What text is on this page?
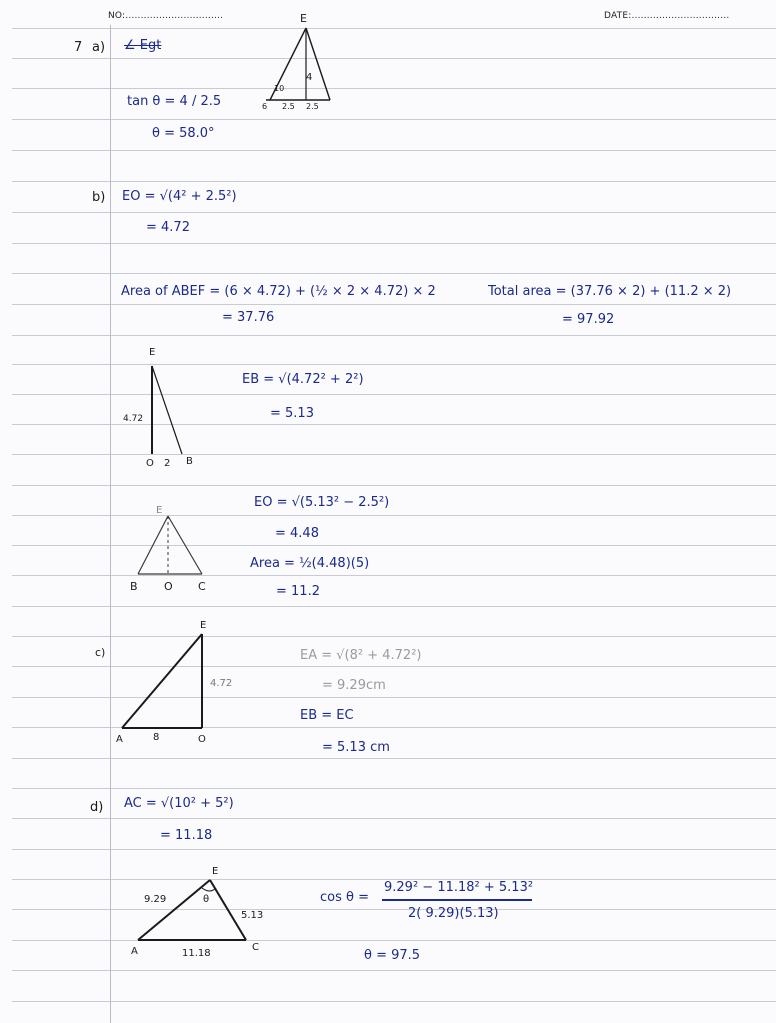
NO:................................	DATE:................................
7 a) ∠ Egt
tan θ = 4 / 2.5
θ = 58.0°
E
4
10
6 2.5 2.5
b) EO = √(4² + 2.5²)
= 4.72
Area of ABEF = (6 × 4.72) + (½ × 2 × 4.72) × 2
= 37.76
Total area = (37.76 × 2) + (11.2 × 2)
= 97.92
E
4.72
O 2 B
EB = √(4.72² + 2²)
= 5.13
E
B O C
EO = √(5.13² − 2.5²)
= 4.48
Area = ½(4.48)(5)
= 11.2
c)
E
4.72
A	8	O
EA = √(8² + 4.72²)
= 9.29cm
EB = EC
= 5.13 cm
d) AC = √(10² + 5²)
= 11.18
E
9.29	θ
5.13
A	11.18
C
cos θ =
9.29² − 11.18² + 5.13²
2( 9.29)(5.13)
θ = 97.5
